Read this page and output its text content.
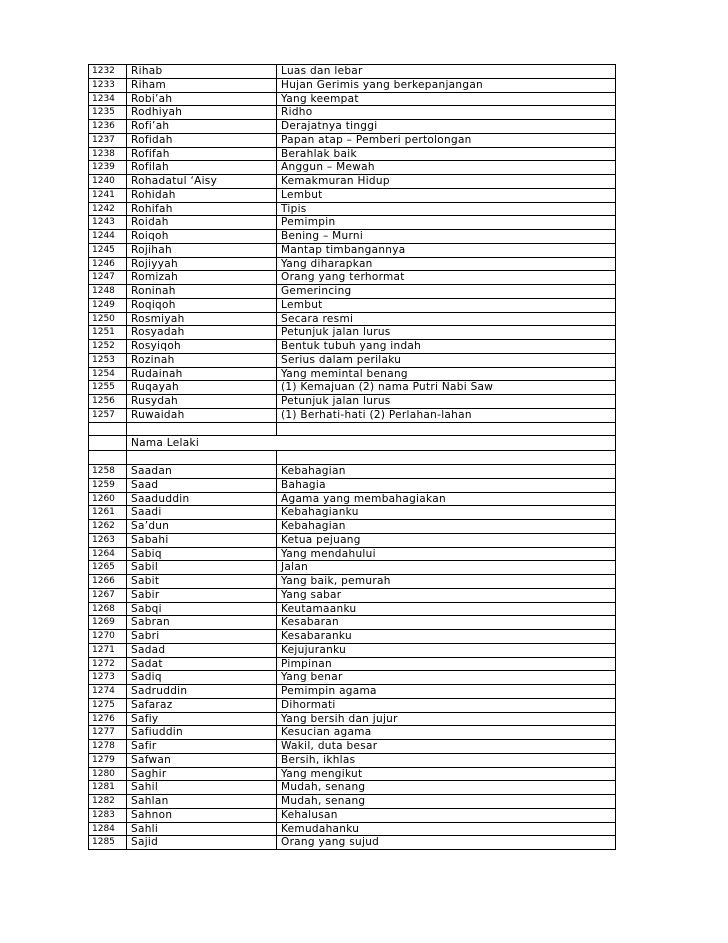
1232	Rihab	Luas dan lebar
1233	Riham	Hujan Gerimis yang berkepanjangan
1234	Robi’ah	Yang keempat
1235	Rodhiyah	Ridho
1236	Rofi’ah	Derajatnya tinggi
1237	Rofidah	Papan atap – Pemberi pertolongan
1238	Rofifah	Berahlak baik
1239	Rofilah	Anggun – Mewah
1240	Rohadatul ‘Aisy	Kemakmuran Hidup
1241	Rohidah	Lembut
1242	Rohifah	Tipis
1243	Roidah	Pemimpin
1244	Roiqoh	Bening – Murni
1245	Rojihah	Mantap timbangannya
1246	Rojiyyah	Yang diharapkan
1247	Romizah	Orang yang terhormat
1248	Roninah	Gemerincing
1249	Roqiqoh	Lembut
1250	Rosmiyah	Secara resmi
1251	Rosyadah	Petunjuk jalan lurus
1252	Rosyiqoh	Bentuk tubuh yang indah
1253	Rozinah	Serius dalam perilaku
1254	Rudainah	Yang memintal benang
1255	Ruqayah	(1) Kemajuan (2) nama Putri Nabi Saw
1256	Rusydah	Petunjuk jalan lurus
1257	Ruwaidah	(1) Berhati-hati (2) Perlahan-lahan

	Nama Lelaki	

1258	Saadan	Kebahagian
1259	Saad	Bahagia
1260	Saaduddin	Agama yang membahagiakan
1261	Saadi	Kebahagianku
1262	Sa’dun	Kebahagian
1263	Sabahi	Ketua pejuang
1264	Sabiq	Yang mendahului
1265	Sabil	Jalan
1266	Sabit	Yang baik, pemurah
1267	Sabir	Yang sabar
1268	Sabqi	Keutamaanku
1269	Sabran	Kesabaran
1270	Sabri	Kesabaranku
1271	Sadad	Kejujuranku
1272	Sadat	Pimpinan
1273	Sadiq	Yang benar
1274	Sadruddin	Pemimpin agama
1275	Safaraz	Dihormati
1276	Safiy	Yang bersih dan jujur
1277	Safiuddin	Kesucian agama
1278	Safir	Wakil, duta besar
1279	Safwan	Bersih, ikhlas
1280	Saghir	Yang mengikut
1281	Sahil	Mudah, senang
1282	Sahlan	Mudah, senang
1283	Sahnon	Kehalusan
1284	Sahli	Kemudahanku
1285	Sajid	Orang yang sujud
